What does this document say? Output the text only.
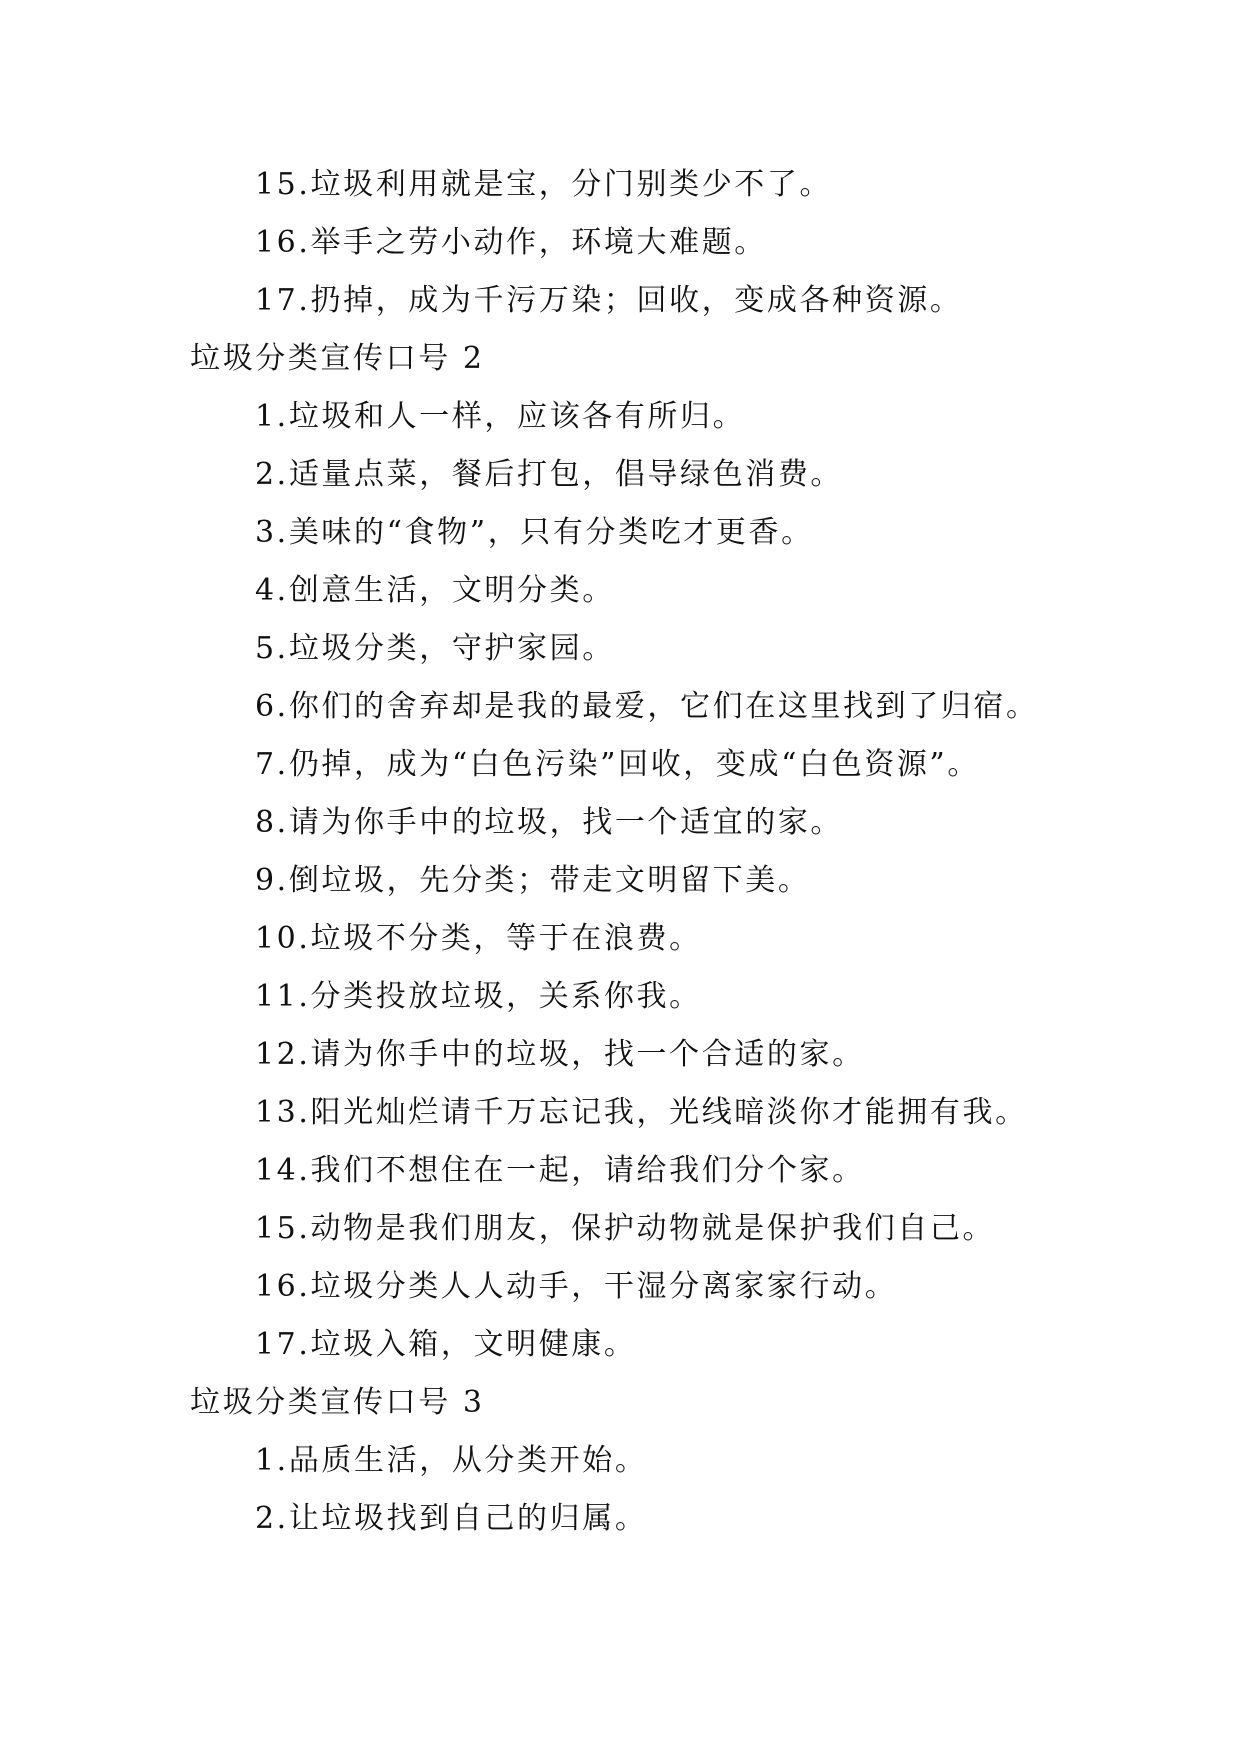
15.垃圾利用就是宝，分门别类少不了。
16.举手之劳小动作，环境大难题。
17.扔掉，成为千污万染；回收，变成各种资源。
垃圾分类宣传口号 2
1.垃圾和人一样，应该各有所归。
2.适量点菜，餐后打包，倡导绿色消费。
3.美味的“食物”，只有分类吃才更香。
4.创意生活，文明分类。
5.垃圾分类，守护家园。
6.你们的舍弃却是我的最爱，它们在这里找到了归宿。
7.仍掉，成为“白色污染”回收，变成“白色资源”。
8.请为你手中的垃圾，找一个适宜的家。
9.倒垃圾，先分类；带走文明留下美。
10.垃圾不分类，等于在浪费。
11.分类投放垃圾，关系你我。
12.请为你手中的垃圾，找一个合适的家。
13.阳光灿烂请千万忘记我，光线暗淡你才能拥有我。
14.我们不想住在一起，请给我们分个家。
15.动物是我们朋友，保护动物就是保护我们自己。
16.垃圾分类人人动手，干湿分离家家行动。
17.垃圾入箱，文明健康。
垃圾分类宣传口号 3
1.品质生活，从分类开始。
2.让垃圾找到自己的归属。
